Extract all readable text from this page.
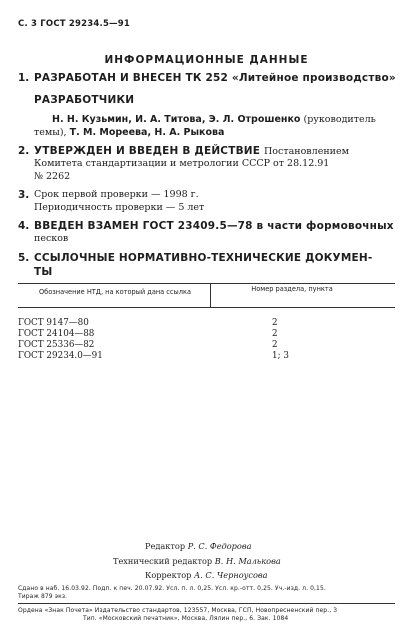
С. 3 ГОСТ 29234.5—91
ИНФОРМАЦИОННЫЕ ДАННЫЕ
1. РАЗРАБОТАН И ВНЕСЕН ТК 252 «Литейное производство»
РАЗРАБОТЧИКИ
Н. Н. Кузьмин, И. А. Титова, Э. Л. Отрошенко (руководитель
темы), Т. М. Мореева, Н. А. Рыкова
2. УТВЕРЖДЕН И ВВЕДЕН В ДЕЙСТВИЕ Постановлением
Комитета стандартизации и метрологии СССР от 28.12.91
№ 2262
3. Срок первой проверки — 1998 г.
Периодичность проверки — 5 лет
4. ВВЕДЕН ВЗАМЕН ГОСТ 23409.5—78 в части формовочных
песков
5. ССЫЛОЧНЫЕ НОРМАТИВНО-ТЕХНИЧЕСКИЕ ДОКУМЕН-
ТЫ
Обозначение НТД, на который дана ссылка	Номер раздела, пункта
ГОСТ 9147—80	2
ГОСТ 24104—88	2
ГОСТ 25336—82	2
ГОСТ 29234.0—91	1; 3
Редактор Р. С. Федорова
Технический редактор В. Н. Малькова
Корректор А. С. Черноусова
Сдано в наб. 16.03.92. Подп. к печ. 20.07.92. Усл. п. л. 0,25. Усл. кр.-отт. 0,25. Уч.-изд. л. 0,15.
Тираж 879 экз.
Ордена «Знак Почета» Издательство стандартов, 123557, Москва, ГСП, Новопресненский пер., 3
Тип. «Московский печатник», Москва, Лялин пер., 6. Зак. 1084
